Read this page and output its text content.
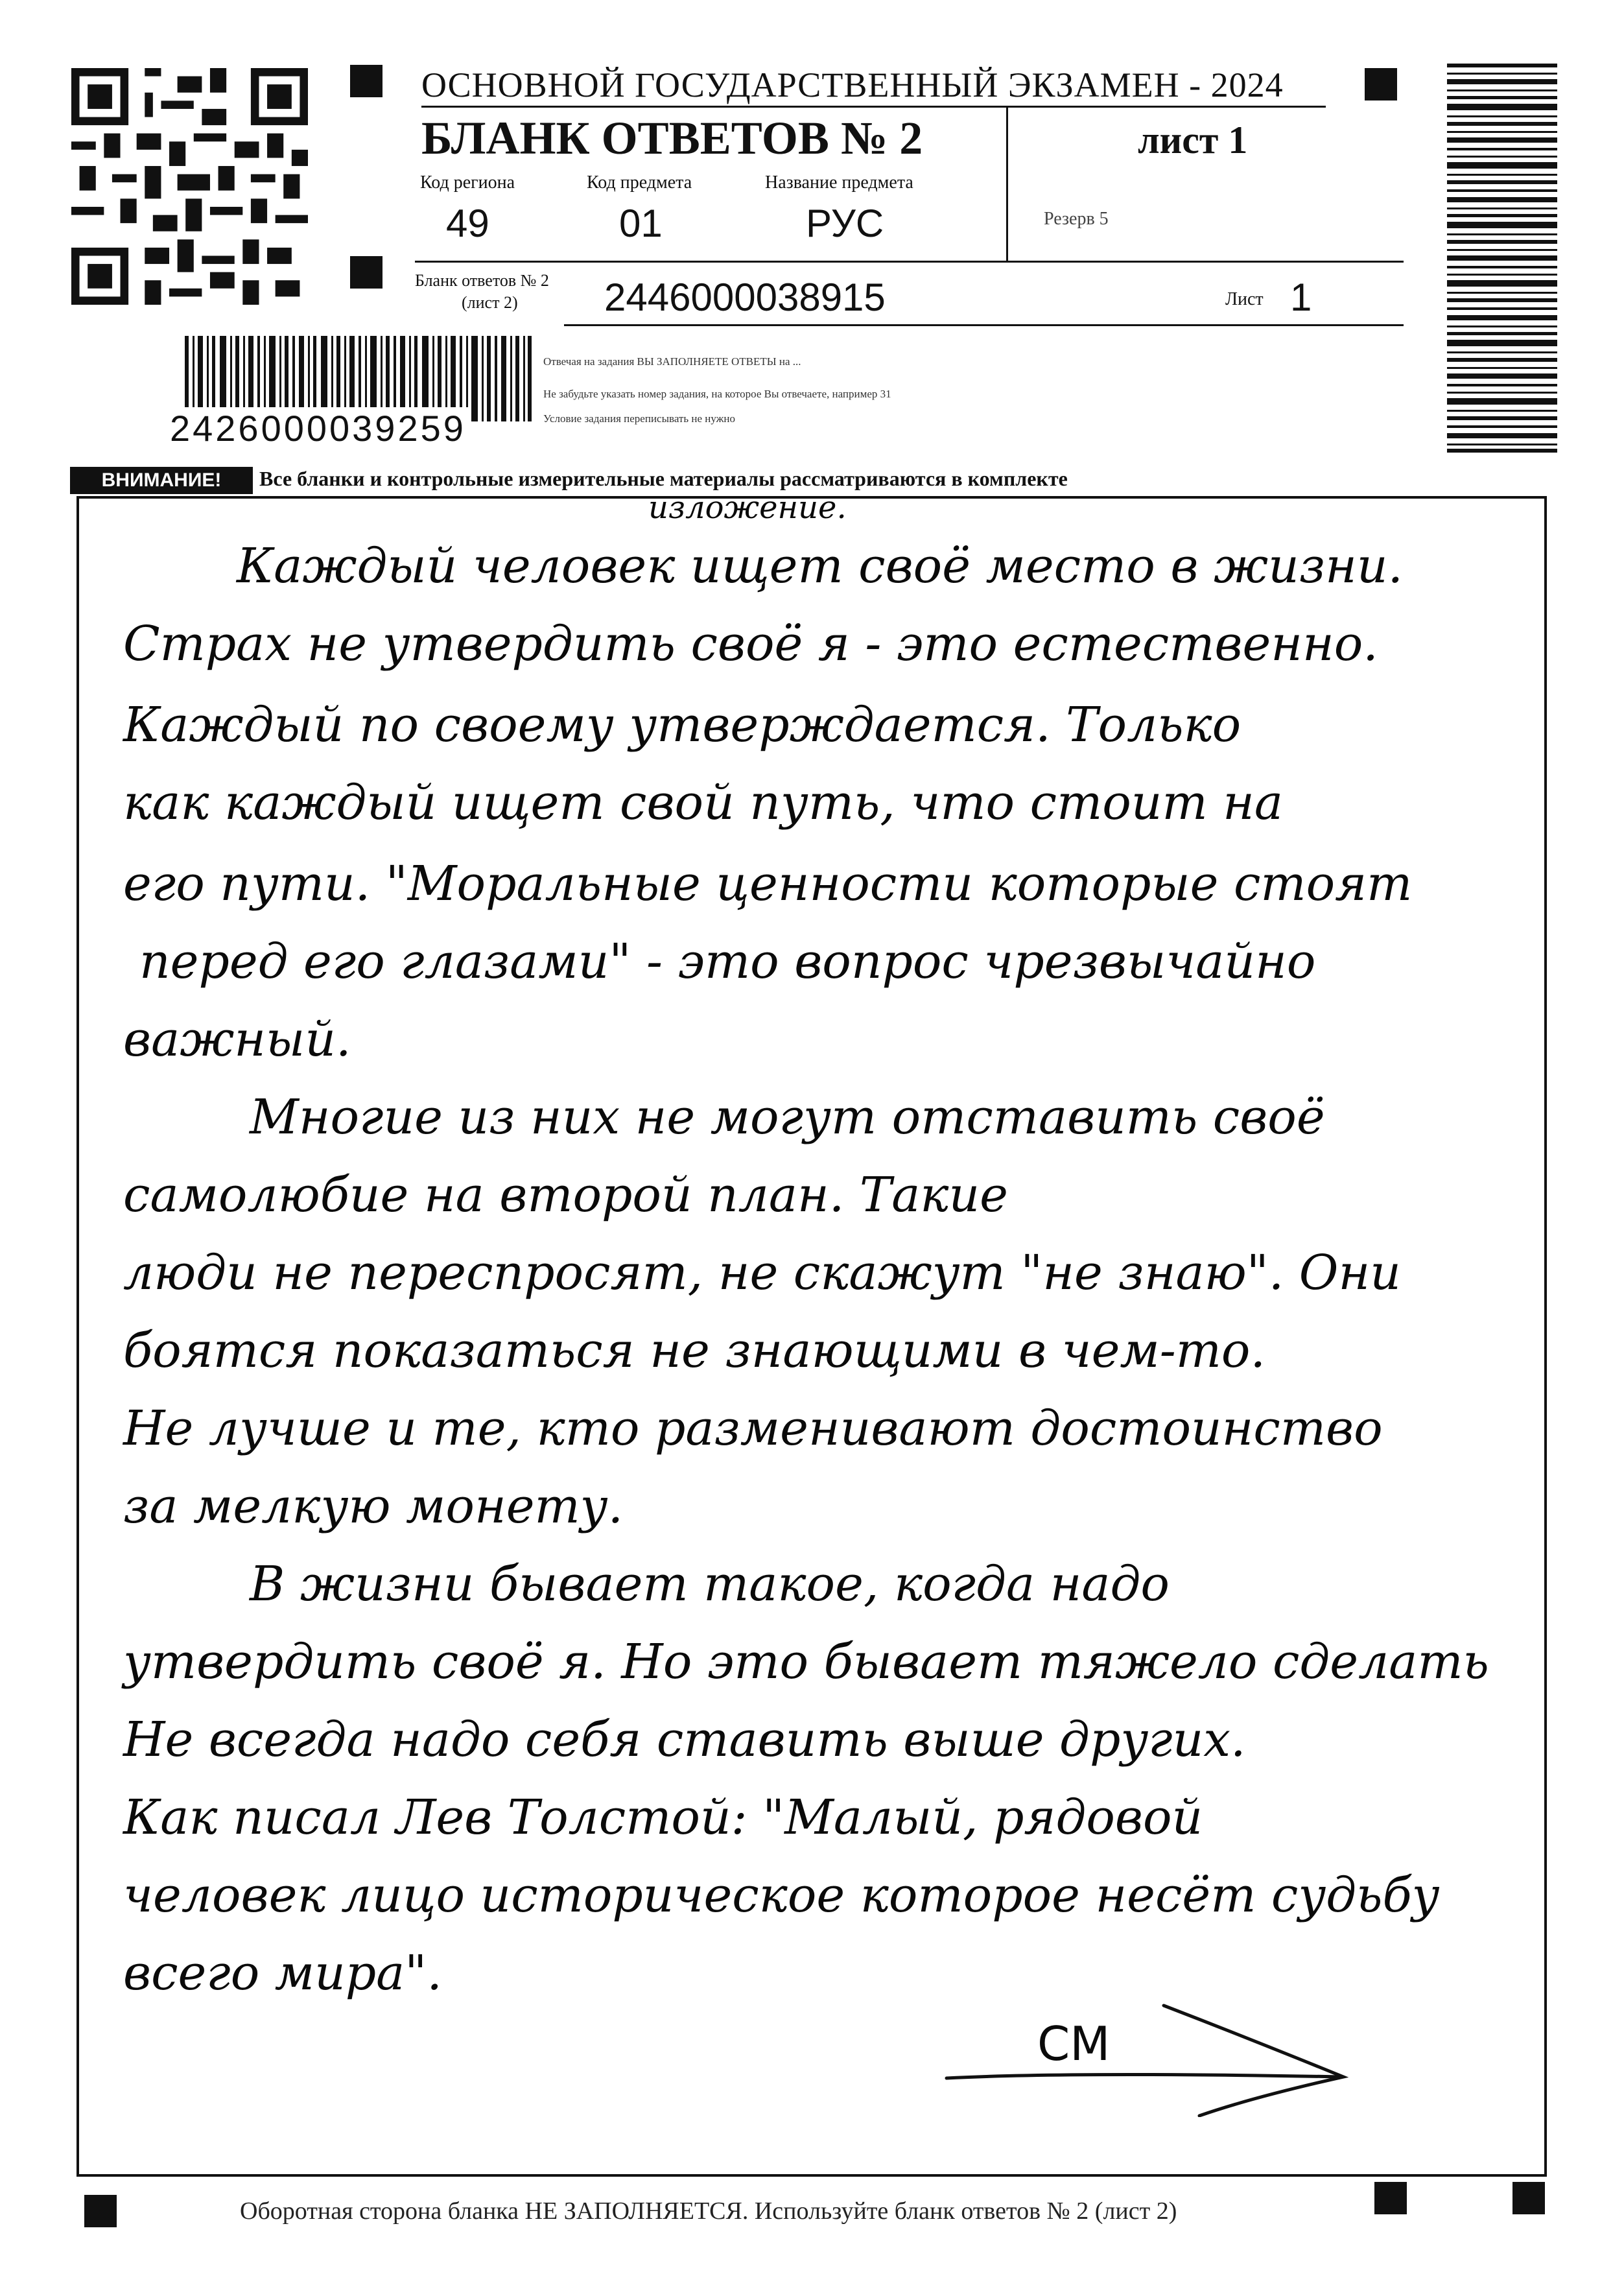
ОСНОВНОЙ ГОСУДАРСТВЕННЫЙ ЭКЗАМЕН - 2024
БЛАНК ОТВЕТОВ № 2	лист 1
Код региона
49
Код предмета
01
Название предмета
РУС	Резерв 5
Бланк ответов № 2
(лист 2) 2446000038915	Лист 1
Отвечая на задания ВЫ ЗАПОЛНЯЕТЕ ОТВЕТЫ на ...
Не забудьте указать номер задания, на которое Вы отвечаете, например 31
Условие задания переписывать не нужно
2426000039259
ВНИМАНИЕ!	Все бланки и контрольные измерительные материалы рассматриваются в комплекте
изложение.
Каждый человек ищет своё место в жизни.
Страх не утвердить своё я - это естественно.
Каждый по своему утверждается. Только
как каждый ищет свой путь, что стоит на
его пути. "Моральные ценности которые стоят
перед его глазами" - это вопрос чрезвычайно
важный.
Многие из них не могут отставить своё
самолюбие на второй план. Такие
люди не переспросят, не скажут "не знаю". Они
боятся показаться не знающими в чем-то.
Не лучше и те, кто разменивают достоинство
за мелкую монету.
В жизни бывает такое, когда надо
утвердить своё я. Но это бывает тяжело сделать
Не всегда надо себя ставить выше других.
Как писал Лев Толстой: "Малый, рядовой
человек лицо историческое которое несёт судьбу
всего мира".
СМ
Оборотная сторона бланка НЕ ЗАПОЛНЯЕТСЯ. Используйте бланк ответов № 2 (лист 2)
